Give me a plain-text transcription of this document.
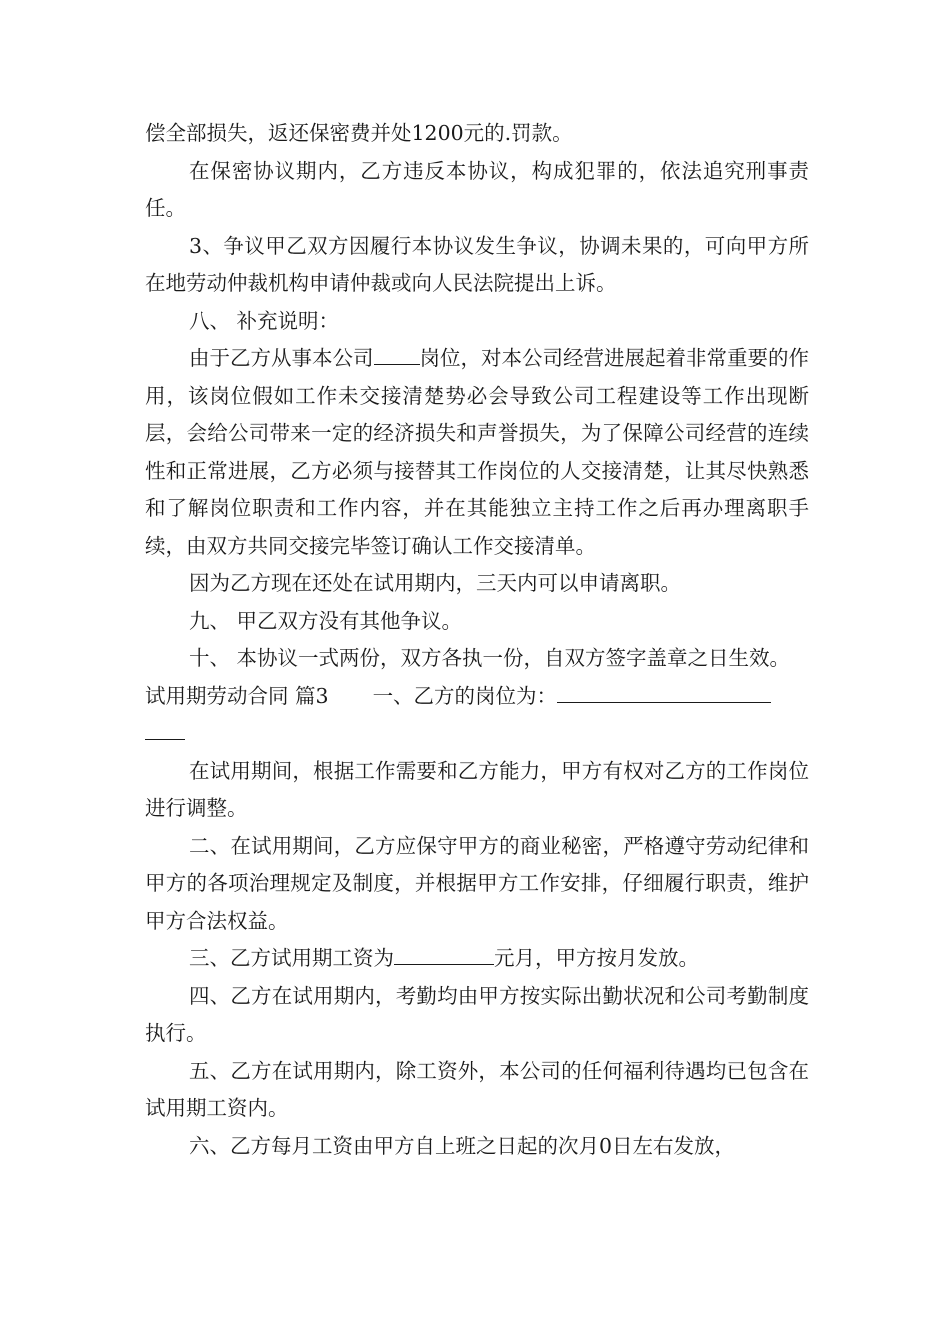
偿全部损失，返还保密费并处1200元的.罚款。

在保密协议期内，乙方违反本协议，构成犯罪的，依法追究刑事责任。

3、争议甲乙双方因履行本协议发生争议，协调未果的，可向甲方所在地劳动仲裁机构申请仲裁或向人民法院提出上诉。

八、 补充说明：

由于乙方从事本公司 岗位，对本公司经营进展起着非常重要的作用，该岗位假如工作未交接清楚势必会导致公司工程建设等工作出现断层，会给公司带来一定的经济损失和声誉损失，为了保障公司经营的连续性和正常进展，乙方必须与接替其工作岗位的人交接清楚，让其尽快熟悉和了解岗位职责和工作内容，并在其能独立主持工作之后再办理离职手续，由双方共同交接完毕签订确认工作交接清单。

因为乙方现在还处在试用期内，三天内可以申请离职。

九、 甲乙双方没有其他争议。

十、 本协议一式两份，双方各执一份，自双方签字盖章之日生效。

试用期劳动合同 篇3 一、乙方的岗位为：

在试用期间，根据工作需要和乙方能力，甲方有权对乙方的工作岗位进行调整。

二、在试用期间，乙方应保守甲方的商业秘密，严格遵守劳动纪律和甲方的各项治理规定及制度，并根据甲方工作安排，仔细履行职责，维护甲方合法权益。

三、乙方试用期工资为	元月，甲方按月发放。

四、乙方在试用期内，考勤均由甲方按实际出勤状况和公司考勤制度执行。

五、乙方在试用期内，除工资外，本公司的任何福利待遇均已包含在试用期工资内。

六、乙方每月工资由甲方自上班之日起的次月0日左右发放，
